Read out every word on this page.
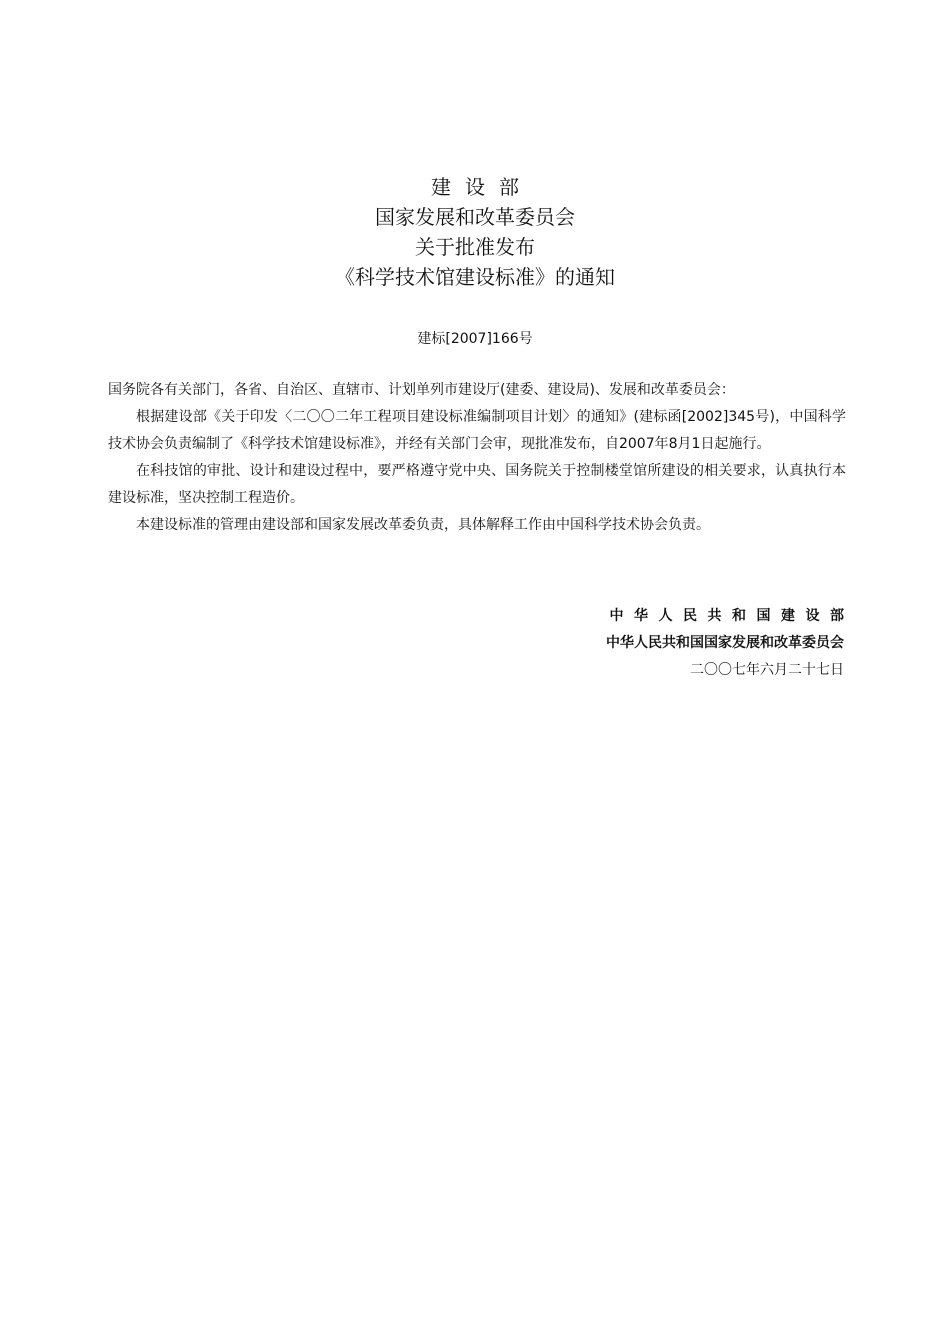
建设部
国家发展和改革委员会
关于批准发布
《科学技术馆建设标准》的通知
建标[2007]166号

国务院各有关部门，各省、自治区、直辖市、计划单列市建设厅(建委、建设局)、发展和改革委员会：

根据建设部《关于印发〈二〇〇二年工程项目建设标准编制项目计划〉的通知》(建标函[2002]345号)，中国科学技术协会负责编制了《科学技术馆建设标准》，并经有关部门会审，现批准发布，自2007年8月1日起施行。

在科技馆的审批、设计和建设过程中，要严格遵守党中央、国务院关于控制楼堂馆所建设的相关要求，认真执行本建设标准，坚决控制工程造价。

本建设标准的管理由建设部和国家发展改革委负责，具体解释工作由中国科学技术协会负责。

中华人民共和国建设部
中华人民共和国国家发展和改革委员会
二〇〇七年六月二十七日
